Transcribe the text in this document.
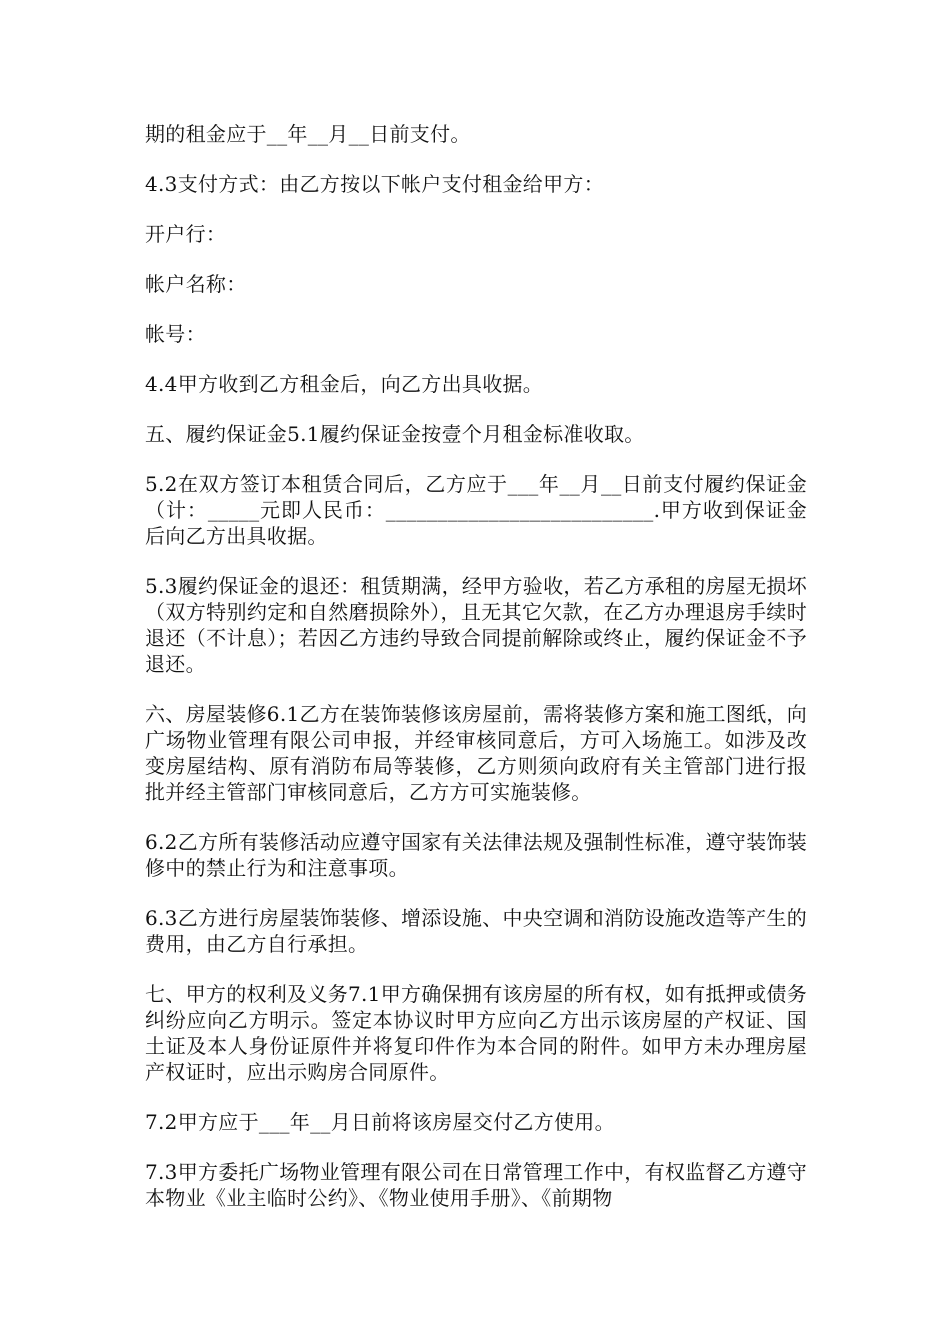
期的租金应于__年__月__日前支付。

4.3支付方式：由乙方按以下帐户支付租金给甲方：

开户行：

帐户名称：

帐号：

4.4甲方收到乙方租金后，向乙方出具收据。

五、履约保证金5.1履约保证金按壹个月租金标准收取。

5.2在双方签订本租赁合同后，乙方应于___年__月__日前支付履约保证金（计：_____元即人民币：__________________________.甲方收到保证金后向乙方出具收据。

5.3履约保证金的退还：租赁期满，经甲方验收，若乙方承租的房屋无损坏（双方特别约定和自然磨损除外），且无其它欠款，在乙方办理退房手续时退还（不计息）；若因乙方违约导致合同提前解除或终止，履约保证金不予退还。

六、房屋装修6.1乙方在装饰装修该房屋前，需将装修方案和施工图纸，向广场物业管理有限公司申报，并经审核同意后，方可入场施工。如涉及改变房屋结构、原有消防布局等装修，乙方则须向政府有关主管部门进行报批并经主管部门审核同意后，乙方方可实施装修。

6.2乙方所有装修活动应遵守国家有关法律法规及强制性标准，遵守装饰装修中的禁止行为和注意事项。

6.3乙方进行房屋装饰装修、增添设施、中央空调和消防设施改造等产生的费用，由乙方自行承担。

七、甲方的权利及义务7.1甲方确保拥有该房屋的所有权，如有抵押或债务纠纷应向乙方明示。签定本协议时甲方应向乙方出示该房屋的产权证、国土证及本人身份证原件并将复印件作为本合同的附件。如甲方未办理房屋产权证时，应出示购房合同原件。

7.2甲方应于___年__月日前将该房屋交付乙方使用。

7.3甲方委托广场物业管理有限公司在日常管理工作中，有权监督乙方遵守本物业《业主临时公约》、《物业使用手册》、《前期物
